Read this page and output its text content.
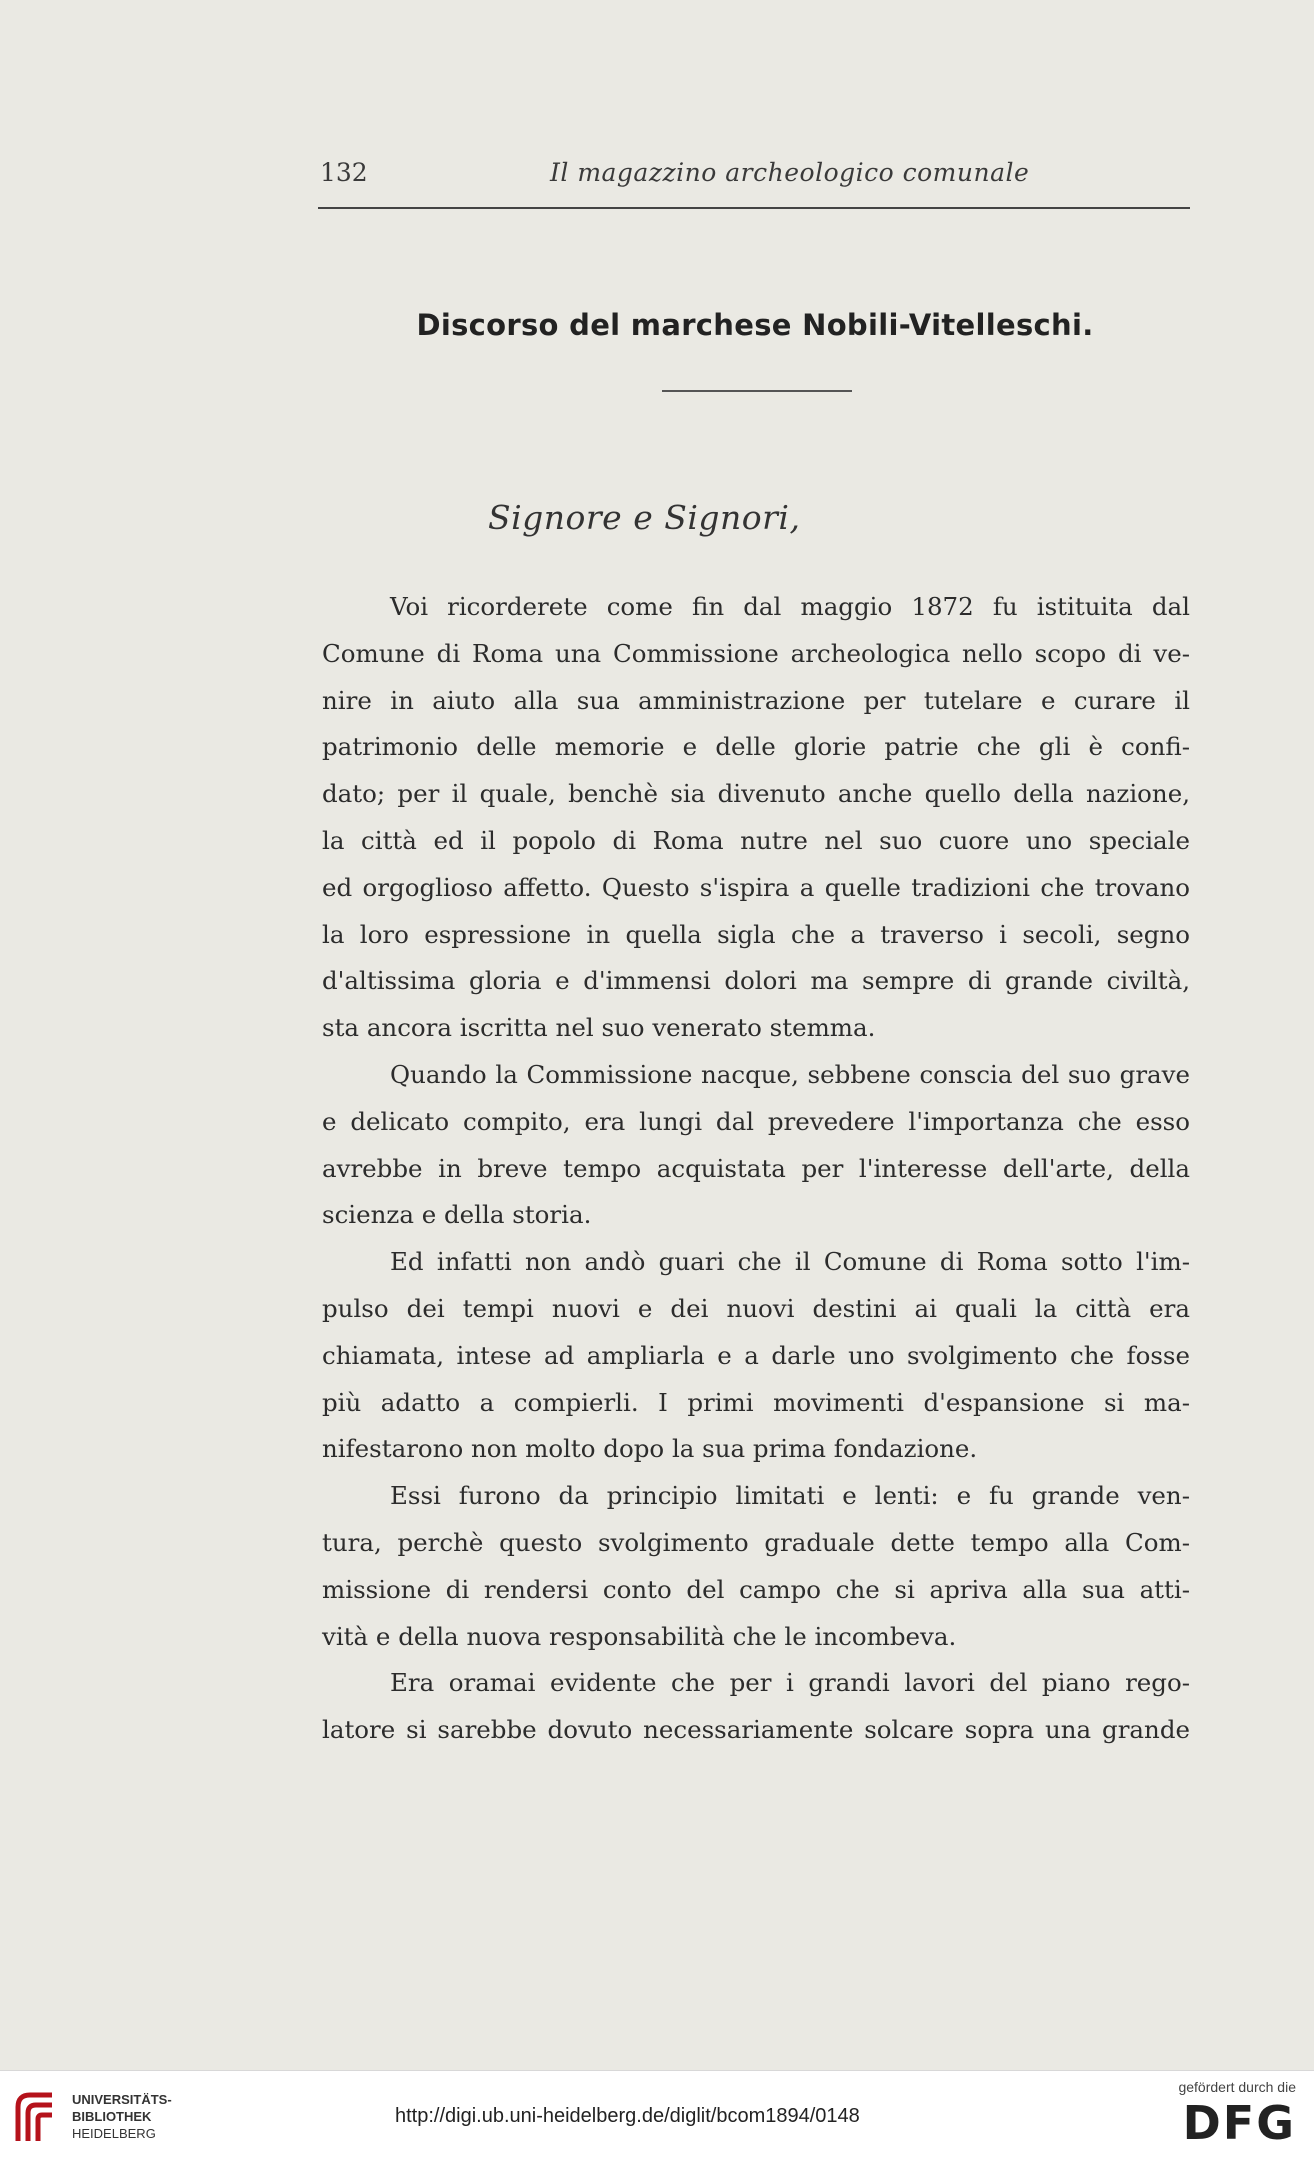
132	Il magazzino archeologico comunale
Discorso del marchese Nobili-Vitelleschi.
Signore e Signori,
Voi ricorderete come fin dal maggio 1872 fu istituita dal
Comune di Roma una Commissione archeologica nello scopo di ve-
nire in aiuto alla sua amministrazione per tutelare e curare il
patrimonio delle memorie e delle glorie patrie che gli è confi-
dato; per il quale, benchè sia divenuto anche quello della nazione,
la città ed il popolo di Roma nutre nel suo cuore uno speciale
ed orgoglioso affetto. Questo s'ispira a quelle tradizioni che trovano
la loro espressione in quella sigla che a traverso i secoli, segno
d'altissima gloria e d'immensi dolori ma sempre di grande civiltà,
sta ancora iscritta nel suo venerato stemma.
Quando la Commissione nacque, sebbene conscia del suo grave
e delicato compito, era lungi dal prevedere l'importanza che esso
avrebbe in breve tempo acquistata per l'interesse dell'arte, della
scienza e della storia.
Ed infatti non andò guari che il Comune di Roma sotto l'im-
pulso dei tempi nuovi e dei nuovi destini ai quali la città era
chiamata, intese ad ampliarla e a darle uno svolgimento che fosse
più adatto a compierli. I primi movimenti d'espansione si ma-
nifestarono non molto dopo la sua prima fondazione.
Essi furono da principio limitati e lenti: e fu grande ven-
tura, perchè questo svolgimento graduale dette tempo alla Com-
missione di rendersi conto del campo che si apriva alla sua atti-
vità e della nuova responsabilità che le incombeva.
Era oramai evidente che per i grandi lavori del piano rego-
latore si sarebbe dovuto necessariamente solcare sopra una grande
UNIVERSITÄTS-
BIBLIOTHEK
HEIDELBERG
http://digi.ub.uni-heidelberg.de/diglit/bcom1894/0148
gefördert durch die
DFG
